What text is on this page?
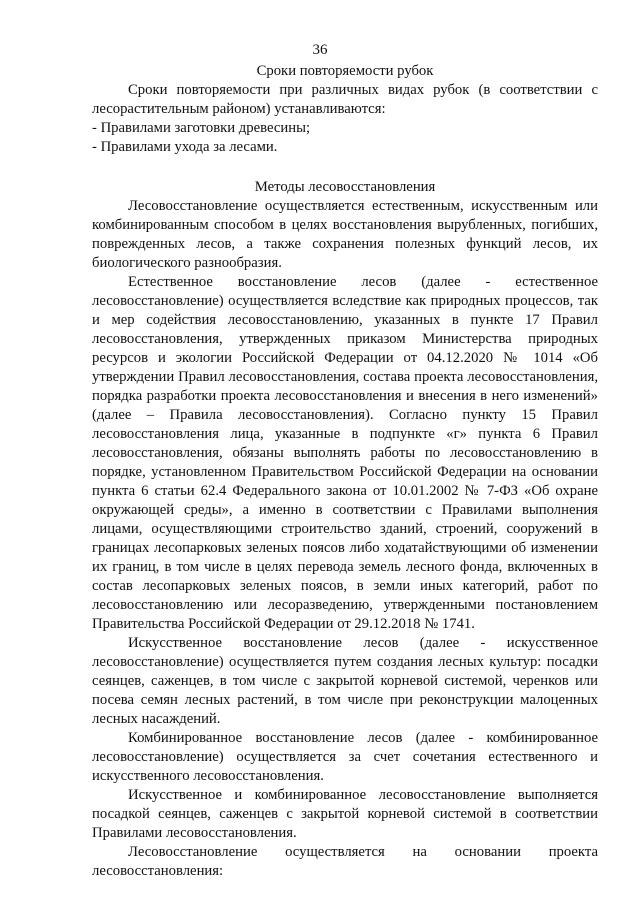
36
Сроки повторяемости рубок

Сроки повторяемости при различных видах рубок (в соответствии с лесорастительным районом) устанавливаются:

- Правилами заготовки древесины;
- Правилами ухода за лесами.
Методы лесовосстановления

Лесовосстановление осуществляется естественным, искусственным или комбинированным способом в целях восстановления вырубленных, погибших, поврежденных лесов, а также сохранения полезных функций лесов, их биологического разнообразия.

Естественное восстановление лесов (далее - естественное лесовосстановление) осуществляется вследствие как природных процессов, так и мер содействия лесовосстановлению, указанных в пункте 17 Правил лесовосстановления, утвержденных приказом Министерства природных ресурсов и экологии Российской Федерации от 04.12.2020 № 1014 «Об утверждении Правил лесовосстановления, состава проекта лесовосстановления, порядка разработки проекта лесовосстановления и внесения в него изменений» (далее – Правила лесовосстановления). Согласно пункту 15 Правил лесовосстановления лица, указанные в подпункте «г» пункта 6 Правил лесовосстановления, обязаны выполнять работы по лесовосстановлению в порядке, установленном Правительством Российской Федерации на основании пункта 6 статьи 62.4 Федерального закона от 10.01.2002 № 7-ФЗ «Об охране окружающей среды», а именно в соответствии с Правилами выполнения лицами, осуществляющими строительство зданий, строений, сооружений в границах лесопарковых зеленых поясов либо ходатайствующими об изменении их границ, в том числе в целях перевода земель лесного фонда, включенных в состав лесопарковых зеленых поясов, в земли иных категорий, работ по лесовосстановлению или лесоразведению, утвержденными постановлением Правительства Российской Федерации от 29.12.2018 № 1741.

Искусственное восстановление лесов (далее - искусственное лесовосстановление) осуществляется путем создания лесных культур: посадки сеянцев, саженцев, в том числе с закрытой корневой системой, черенков или посева семян лесных растений, в том числе при реконструкции малоценных лесных насаждений.

Комбинированное восстановление лесов (далее - комбинированное лесовосстановление) осуществляется за счет сочетания естественного и искусственного лесовосстановления.

Искусственное и комбинированное лесовосстановление выполняется посадкой сеянцев, саженцев с закрытой корневой системой в соответствии Правилами лесовосстановления.

Лесовосстановление осуществляется на основании проекта лесовосстановления:
